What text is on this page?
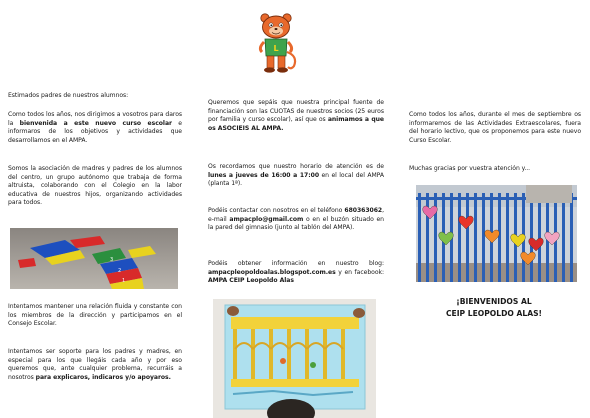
L

Estimados padres de nuestros alumnos:

Como todos los años, nos dirigimos a vosotros para daros la bienvenida a este nuevo curso escolar e informaros de los objetivos y actividades que desarrollamos en el AMPA.

Somos la asociación de madres y padres de los alumnos del centro, un grupo autónomo que trabaja de forma altruista, colaborando con el Colegio en la labor educativa de nuestros hijos, organizando actividades para todos.

Intentamos mantener una relación fluida y constante con los miembros de la dirección y participamos en el Consejo Escolar.

Intentamos ser soporte para los padres y madres, en especial para los que llegáis cada año y por eso queremos que, ante cualquier problema, recurráis a nosotros para explicaros, indicaros y/o apoyaros.

2
1
3

Queremos que sepáis que nuestra principal fuente de financiación son las CUOTAS de nuestros socios (25 euros por familia y curso escolar), así que os animamos a que os ASOCIEIS AL AMPA.

Os recordamos que nuestro horario de atención es de lunes a jueves de 16:00 a 17:00 en el local del AMPA (planta 1ª).

Podéis contactar con nosotros en el teléfono 680363062, e-mail ampacplo@gmail.com o en el buzón situado en la pared del gimnasio (junto al tablón del AMPA).

Podéis obtener información en nuestro blog: ampacpleopoldoalas.blogspot.com.es y en facebook: AMPA CEIP Leopoldo Alas

Como todos los años, durante el mes de septiembre os informaremos de las Actividades Extraescolares, fuera del horario lectivo, que os proponemos para este nuevo Curso Escolar.

Muchas gracias por vuestra atención y...

¡BIENVENIDOS AL
CEIP LEOPOLDO ALAS!
